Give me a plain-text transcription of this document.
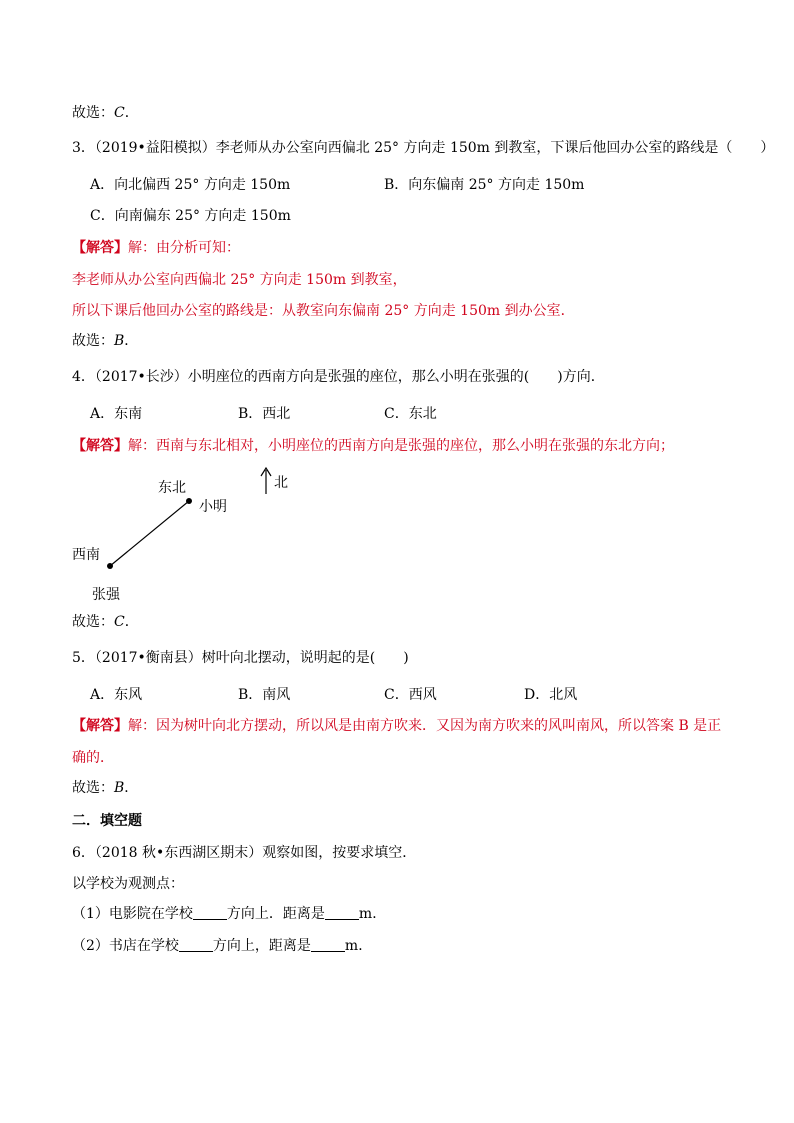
故选：C．
3．（2019•益阳模拟）李老师从办公室向西偏北 25° 方向走 150m 到教室，下课后他回办公室的路线是（　　）
A．向北偏西 25° 方向走 150m	B．向东偏南 25° 方向走 150m
C．向南偏东 25° 方向走 150m
【解答】解：由分析可知：
李老师从办公室向西偏北 25° 方向走 150m 到教室，
所以下课后他回办公室的路线是：从教室向东偏南 25° 方向走 150m 到办公室．
故选：B．
4．（2017•长沙）小明座位的西南方向是张强的座位，那么小明在张强的(　　)方向．
A．东南	B．西北	C．东北
【解答】解：西南与东北相对，小明座位的西南方向是张强的座位，那么小明在张强的东北方向；
北
东北
小明
西南
张强
故选：C．
5．（2017•衡南县）树叶向北摆动，说明起的是(　　)
A．东风	B．南风	C．西风	D．北风
【解答】解：因为树叶向北方摆动，所以风是由南方吹来．又因为南方吹来的风叫南风，所以答案 B 是正
确的．
故选：B．
二．填空题
6．（2018 秋•东西湖区期末）观察如图，按要求填空．
以学校为观测点：
（1）电影院在学校 方向上．距离是 m．
（2）书店在学校 方向上，距离是 m．
